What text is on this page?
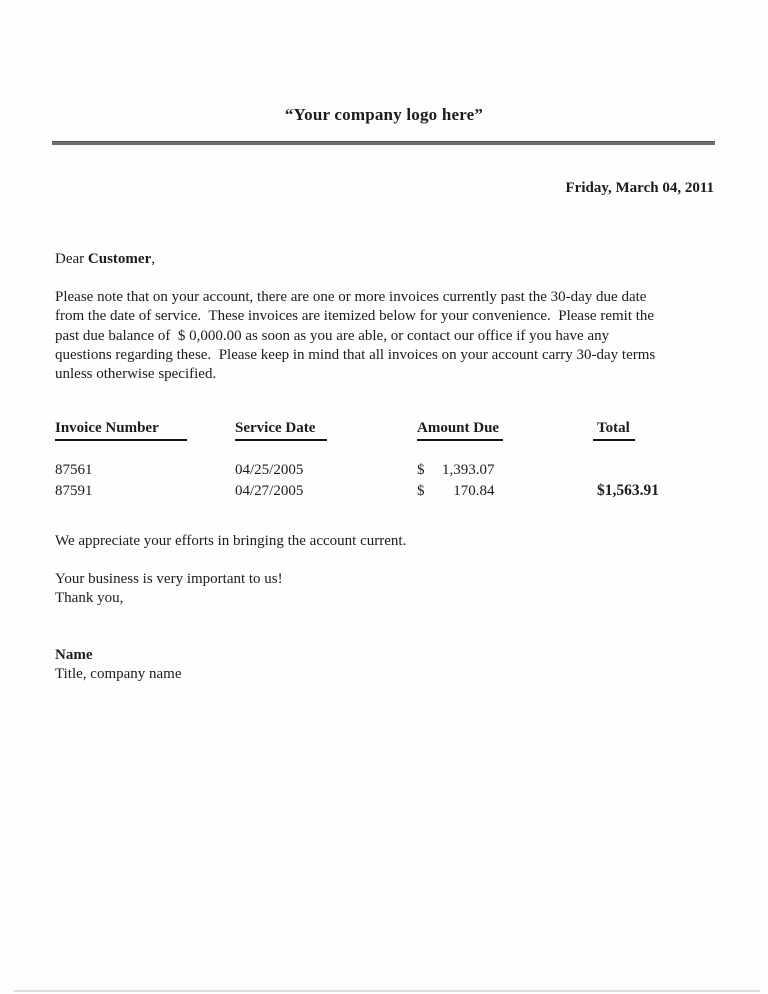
“Your company logo here”
Friday, March 04, 2011
Dear Customer,
Please note that on your account, there are one or more invoices currently past the 30-day due date
from the date of service.  These invoices are itemized below for your convenience.  Please remit the
past due balance of  $ 0,000.00 as soon as you are able, or contact our office if you have any
questions regarding these.  Please keep in mind that all invoices on your account carry 30-day terms
unless otherwise specified.
Invoice Number	Service Date	Amount Due	Total
87561	04/25/2005	$	1,393.07
87591	04/27/2005	$	170.84	$1,563.91
We appreciate your efforts in bringing the account current.
Your business is very important to us!
Thank you,
Name
Title, company name
